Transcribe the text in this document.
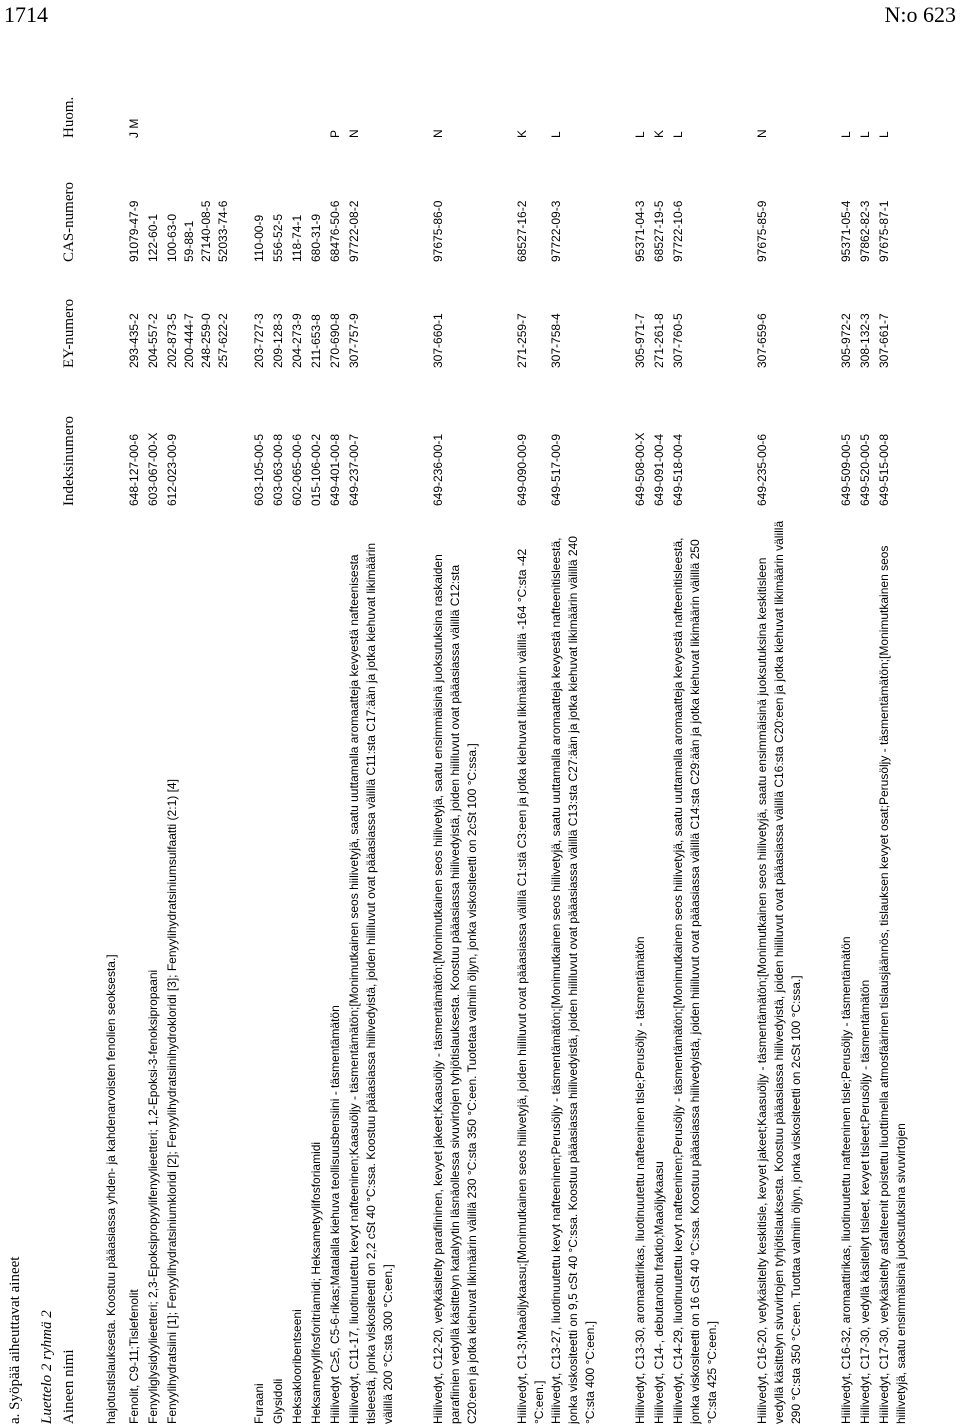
1714	N:o 623
a. Syöpää aiheuttavat aineet Luettelo 2 ryhmä 2 Aineen nimi
Indeksinumero
EY-numero
CAS-numero
Huom.
hajotustislauksesta. Koostuu pääasiassa yhden- ja kahdenarvoisten fenolien seoksesta.] Fenolit, C9-11;Tislefenolit
648-127-00-6
293-435-2
91079-47-9
J M
Fenyyliglysidyylieetteri; 2,3-Epoksipropyylifenyylieetteri; 1,2-Epoksi-3-fenoksipropaani
603-067-00-X
204-557-2
122-60-1
Fenyylihydratsiini [1]; Fenyylihydratsiniumkloridi [2]; Fenyylihydratsiinihydrokloridi [3]; Fenyylihydratsiniumsulfaatti (2:1) [4]
612-023-00-9
202-873-5 200-444-7 248-259-0 257-622-2
100-63-0 59-88-1 27140-08-5 52033-74-6
Furaani
603-105-00-5
203-727-3
110-00-9
Glysidoli
603-063-00-8
209-128-3
556-52-5
Heksaklooribentseeni
602-065-00-6
204-273-9
118-74-1
Heksametyylifosforitriamidi; Heksametyylifosforiamidi
015-106-00-2
211-653-8
680-31-9
Hiilivedyt C≥5, C5-6-rikas;Matalalla kiehuva teollisuusbensiini - täsmentämätön
649-401-00-8
270-690-8
68476-50-6
P
Hiilivedyt, C11-17, liuotinuutettu kevyt nafteeninen;Kaasuöljy - täsmentämätön;[Monimutkainen seos hiilivetyjä, saatu uuttamalla aromaatteja kevyestä nafteenisesta tisleestä, jonka viskositeetti on 2,2 cSt 40 °C:ssa. Koostuu pääasiassa hiilivedyistä, joiden hiililuvut ovat pääasiassa välillä C11:sta C17:ään ja jotka kiehuvat likimäärin välillä 200 °C:sta 300 °C:een.]
649-237-00-7
307-757-9
97722-08-2
N
Hiilivedyt, C12-20, vetykäsitelty parafiininen, kevyet jakeet;Kaasuöljy - täsmentämätön;[Monimutkainen seos hiilivetyjä, saatu ensimmäisinä juoksutuksina raskaiden parafiinien vedyllä käsittelyn katalyytin läsnäollessa sivuvirtojen tyhjötislauksesta. Koostuu pääasiassa hiilivedyistä, joiden hiililuvut ovat pääasiassa välillä C12:sta C20:een ja jotka kiehuvat likimäärin välillä 230 °C:sta 350 °C:een. Tuotetaa valmiin öljyn, jonka viskositeetti on 2cSt 100 °C:ssa.]
649-236-00-1
307-660-1
97675-86-0
N
Hiilivedyt, C1-3;Maaöljykaasu;[Monimutkainen seos hiilivetyjä, joiden hiililuvut ovat pääasiassa välillä C1:stä C3:een ja jotka kiehuvat likimäärin välillä -164 °C:sta -42 °C:een.]
649-090-00-9
271-259-7
68527-16-2
K
Hiilivedyt, C13-27, liuotinuutettu kevyt nafteeninen;Perusöljy - täsmentämätön;[Monimutkainen seos hiilivetyjä, saatu uuttamalla aromaatteja kevyestä nafteenitisleestä, jonka viskositeetti on 9,5 cSt 40 °C:ssa. Koostuu pääasiassa hiilivedyistä, joiden hiililuvut ovat pääasiassa välillä C13:sta C27:ään ja jotka kiehuvat likimäärin välillä 240 °C:sta 400 °C:een.]
649-517-00-9
307-758-4
97722-09-3
L
Hiilivedyt, C13-30, aromaattirikas, liuotinuutettu nafteeninen tisle;Perusöljy - täsmentämätön
649-508-00-X
305-971-7
95371-04-3
L
Hiilivedyt, C14-, debutanoitu fraktio;Maaöljykaasu
649-091-00-4
271-261-8
68527-19-5
K
Hiilivedyt, C14-29, liuotinuutettu kevyt nafteeninen;Perusöljy - täsmentämätön;[Monimutkainen seos hiilivetyjä, saatu uuttamalla aromaatteja kevyestä nafteenitisleestä, jonka viskositeetti on 16 cSt 40 °C:ssa. Koostuu pääasiassa hiilivedyistä, joiden hiililuvut ovat pääasiassa välillä C14:sta C29:ään ja jotka kiehuvat likimäärin välillä 250 °C:sta 425 °C:een.]
649-518-00-4
307-760-5
97722-10-6
L
Hiilivedyt, C16-20, vetykäsitelty keskitisle, kevyet jakeet;Kaasuöljy - täsmentämätön;[Monimutkainen seos hiilivetyjä, saatu ensimmäisinä juoksutuksina keskitisleen vedyllä käsittelyn sivuvirtojen tyhjötislauksesta. Koostuu pääasiassa hiilivedyistä, joiden hiililuvut ovat pääasiassa välillä C16:sta C20:een ja jotka kiehuvat likimäärin välillä 290 °C:sta 350 °C:een. Tuottaa valmiin öljyn, jonka viskositeetti on 2cSt 100 °C:ssa.]
649-235-00-6
307-659-6
97675-85-9
N
Hiilivedyt, C16-32, aromaattirikas, liuotinuutettu nafteeninen tisle;Perusöljy - täsmentämätön
649-509-00-5
305-972-2
95371-05-4
L
Hiilivedyt, C17-30, vedyllä käsitellyt tisleet, kevyet tisleet;Perusöljy - täsmentämätön
649-520-00-5
308-132-3
97862-82-3
L
Hiilivedyt, C17-30, vetykäsitelty asfalteenit poistettu liuottimella atmosfäärinen tislausjäännös, tislauksen kevyet osat;Perusöljy - täsmentämätön;[Monimutkainen seos hiilivetyjä, saatu ensimmäisinä juoksutuksina sivuvirtojen
649-515-00-8
307-661-7
97675-87-1
L
